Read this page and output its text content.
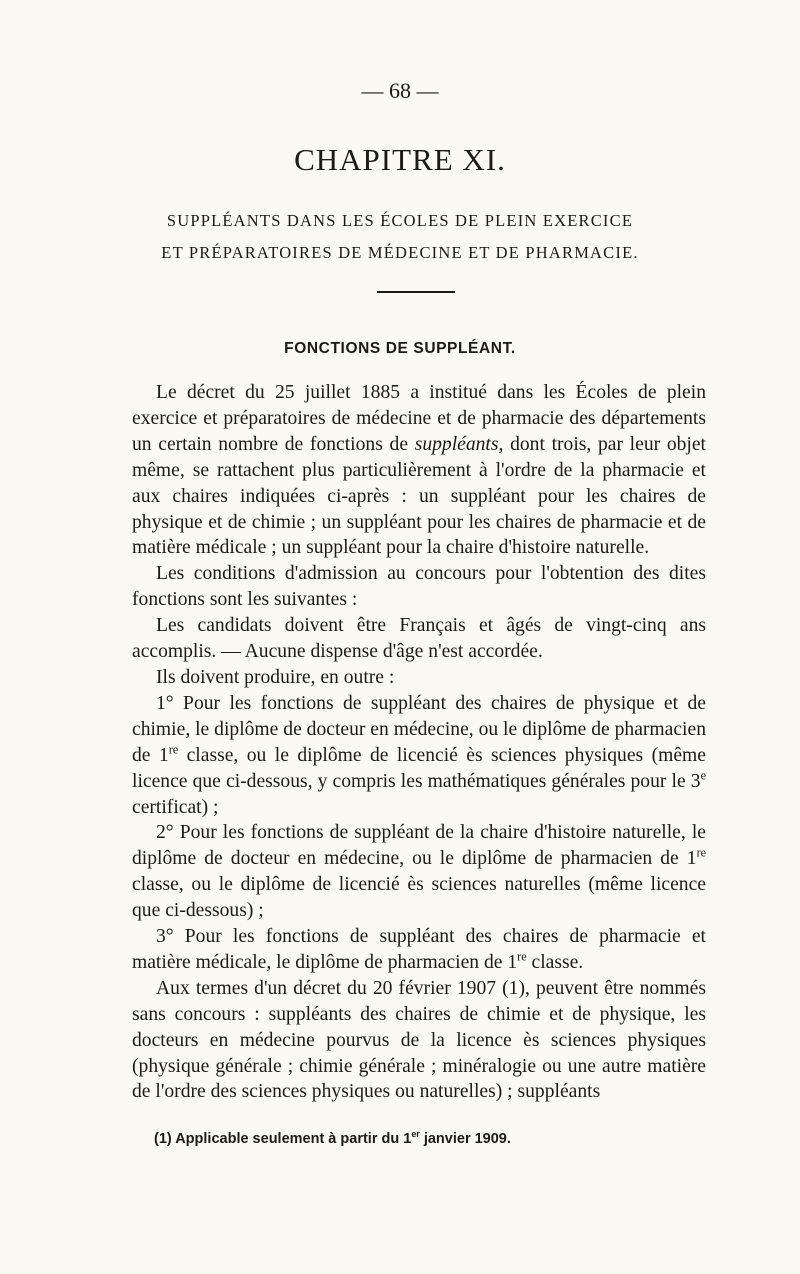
— 68 —
CHAPITRE XI.
SUPPLÉANTS DANS LES ÉCOLES DE PLEIN EXERCICE
ET PRÉPARATOIRES DE MÉDECINE ET DE PHARMACIE.
FONCTIONS DE SUPPLÉANT.

Le décret du 25 juillet 1885 a institué dans les Écoles de plein exercice et préparatoires de médecine et de pharmacie des départements un certain nombre de fonctions de suppléants, dont trois, par leur objet même, se rattachent plus particulièrement à l'ordre de la pharmacie et aux chaires indiquées ci-après : un suppléant pour les chaires de physique et de chimie ; un suppléant pour les chaires de pharmacie et de matière médicale ; un suppléant pour la chaire d'histoire naturelle.

Les conditions d'admission au concours pour l'obtention des dites fonctions sont les suivantes :

Les candidats doivent être Français et âgés de vingt-cinq ans accomplis. — Aucune dispense d'âge n'est accordée.

Ils doivent produire, en outre :

1° Pour les fonctions de suppléant des chaires de physique et de chimie, le diplôme de docteur en médecine, ou le diplôme de pharmacien de 1re classe, ou le diplôme de licencié ès sciences physiques (même licence que ci-dessous, y compris les mathématiques générales pour le 3e certificat) ;

2° Pour les fonctions de suppléant de la chaire d'histoire naturelle, le diplôme de docteur en médecine, ou le diplôme de pharmacien de 1re classe, ou le diplôme de licencié ès sciences naturelles (même licence que ci-dessous) ;

3° Pour les fonctions de suppléant des chaires de pharmacie et matière médicale, le diplôme de pharmacien de 1re classe.

Aux termes d'un décret du 20 février 1907 (1), peuvent être nommés sans concours : suppléants des chaires de chimie et de physique, les docteurs en médecine pourvus de la licence ès sciences physiques (physique générale ; chimie générale ; minéralogie ou une autre matière de l'ordre des sciences physiques ou naturelles) ; suppléants

(1) Applicable seulement à partir du 1er janvier 1909.
